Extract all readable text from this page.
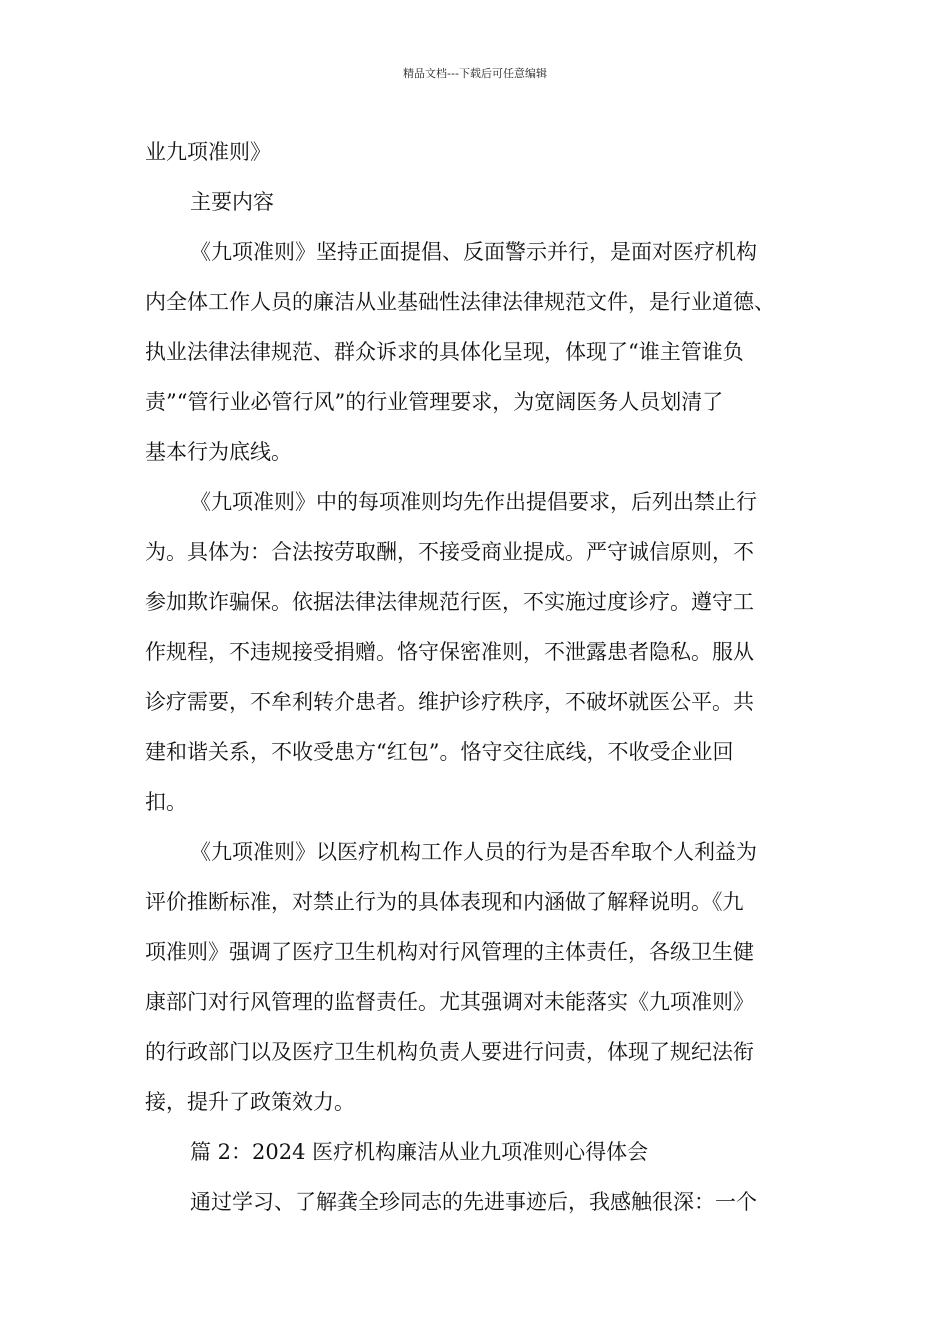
精品文档---下载后可任意编辑
业九项准则》
主要内容
《九项准则》坚持正面提倡、反面警示并行，是面对医疗机构
内全体工作人员的廉洁从业基础性法律法律规范文件，是行业道德、
执业法律法律规范、群众诉求的具体化呈现，体现了“谁主管谁负
责”“管行业必管行风”的行业管理要求，为宽阔医务人员划清了
基本行为底线。
《九项准则》中的每项准则均先作出提倡要求，后列出禁止行
为。具体为：合法按劳取酬，不接受商业提成。严守诚信原则，不
参加欺诈骗保。依据法律法律规范行医，不实施过度诊疗。遵守工
作规程，不违规接受捐赠。恪守保密准则，不泄露患者隐私。服从
诊疗需要，不牟利转介患者。维护诊疗秩序，不破坏就医公平。共
建和谐关系，不收受患方“红包”。恪守交往底线，不收受企业回
扣。
《九项准则》以医疗机构工作人员的行为是否牟取个人利益为
评价推断标准，对禁止行为的具体表现和内涵做了解释说明。《九
项准则》强调了医疗卫生机构对行风管理的主体责任，各级卫生健
康部门对行风管理的监督责任。尤其强调对未能落实《九项准则》
的行政部门以及医疗卫生机构负责人要进行问责，体现了规纪法衔
接，提升了政策效力。
篇 2：2024 医疗机构廉洁从业九项准则心得体会
通过学习、了解龚全珍同志的先进事迹后，我感触很深：一个
